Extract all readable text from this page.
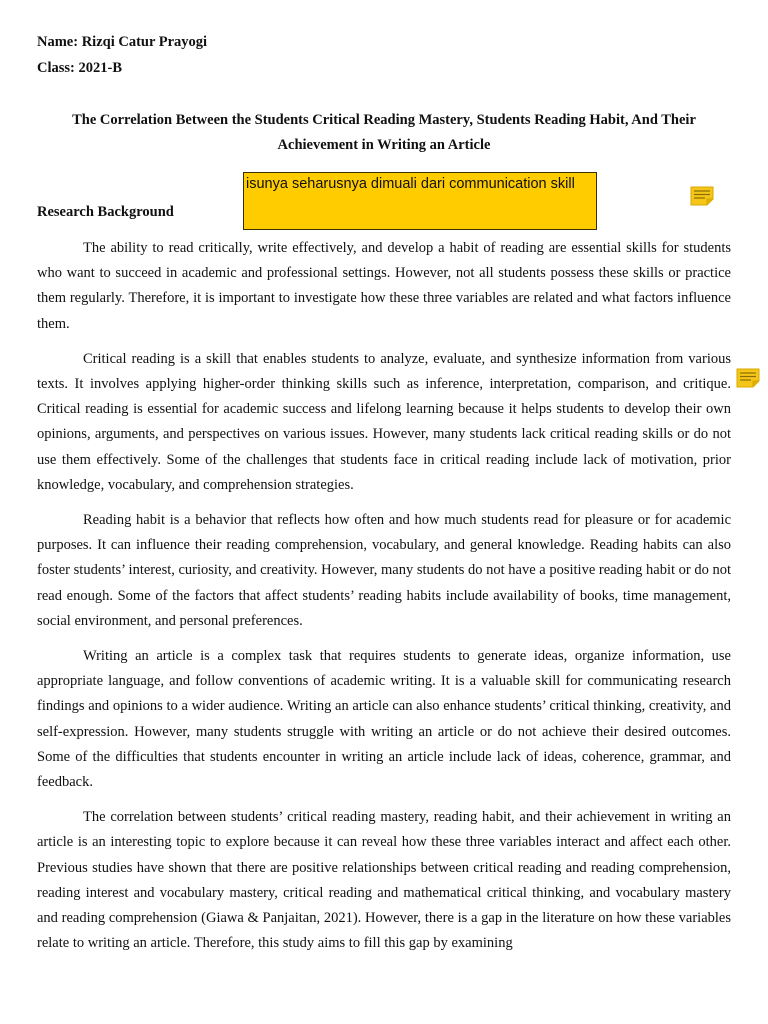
Name: Rizqi Catur Prayogi

Class: 2021-B

The Correlation Between the Students Critical Reading Mastery, Students Reading Habit, And Their Achievement in Writing an Article
isunya seharusnya dimuali dari communication skill
Research Background

The ability to read critically, write effectively, and develop a habit of reading are essential skills for students who want to succeed in academic and professional settings. However, not all students possess these skills or practice them regularly. Therefore, it is important to investigate how these three variables are related and what factors influence them.

Critical reading is a skill that enables students to analyze, evaluate, and synthesize information from various texts. It involves applying higher-order thinking skills such as inference, interpretation, comparison, and critique. Critical reading is essential for academic success and lifelong learning because it helps students to develop their own opinions, arguments, and perspectives on various issues. However, many students lack critical reading skills or do not use them effectively. Some of the challenges that students face in critical reading include lack of motivation, prior knowledge, vocabulary, and comprehension strategies.

Reading habit is a behavior that reflects how often and how much students read for pleasure or for academic purposes. It can influence their reading comprehension, vocabulary, and general knowledge. Reading habits can also foster students’ interest, curiosity, and creativity. However, many students do not have a positive reading habit or do not read enough. Some of the factors that affect students’ reading habits include availability of books, time management, social environment, and personal preferences.

Writing an article is a complex task that requires students to generate ideas, organize information, use appropriate language, and follow conventions of academic writing. It is a valuable skill for communicating research findings and opinions to a wider audience. Writing an article can also enhance students’ critical thinking, creativity, and self-expression. However, many students struggle with writing an article or do not achieve their desired outcomes. Some of the difficulties that students encounter in writing an article include lack of ideas, coherence, grammar, and feedback.

The correlation between students’ critical reading mastery, reading habit, and their achievement in writing an article is an interesting topic to explore because it can reveal how these three variables interact and affect each other. Previous studies have shown that there are positive relationships between critical reading and reading comprehension, reading interest and vocabulary mastery, critical reading and mathematical critical thinking, and vocabulary mastery and reading comprehension (Giawa & Panjaitan, 2021). However, there is a gap in the literature on how these variables relate to writing an article. Therefore, this study aims to fill this gap by examining
